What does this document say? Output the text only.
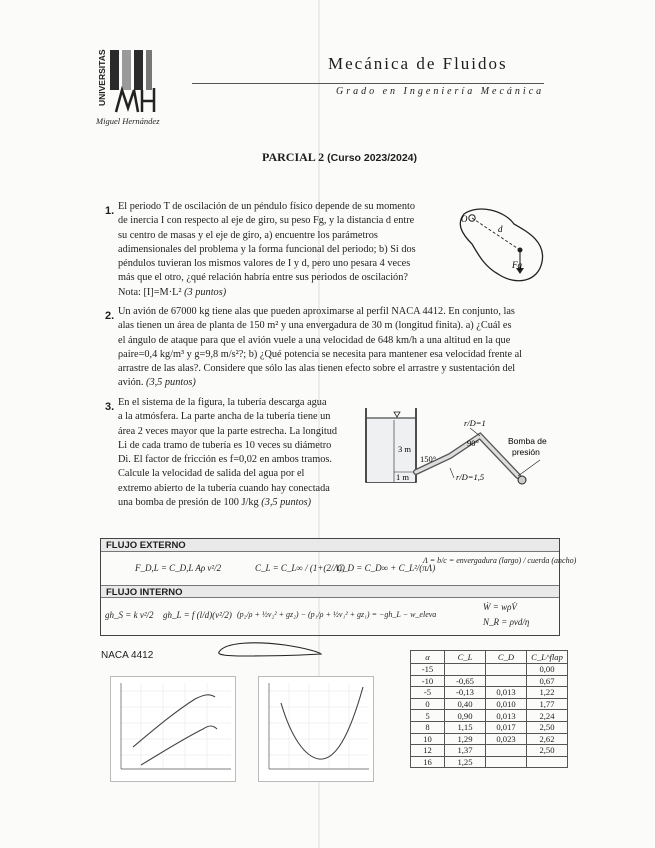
UNIVERSITAS
Miguel Hernández
Mecánica de Fluidos
Grado en Ingeniería Mecánica
PARCIAL 2 (Curso 2023/2024)
1. El periodo T de oscilación de un péndulo físico depende de su momento
de inercia I con respecto al eje de giro, su peso Fg, y la distancia d entre
su centro de masas y el eje de giro, a) encuentre los parámetros
adimensionales del problema y la forma funcional del periodo; b) Si dos
péndulos tuvieran los mismos valores de I y d, pero uno pesara 4 veces
más que el otro, ¿qué relación habría entre sus periodos de oscilación?
Nota: [I]=M·L² (3 puntos)
O
d
Fg
2. Un avión de 67000 kg tiene alas que pueden aproximarse al perfil NACA 4412. En conjunto, las
alas tienen un área de planta de 150 m² y una envergadura de 30 m (longitud finita). a) ¿Cuál es
el ángulo de ataque para que el avión vuele a una velocidad de 648 km/h a una altitud en la que
ρaire=0,4 kg/m³ y g=9,8 m/s²?; b) ¿Qué potencia se necesita para mantener esa velocidad frente al
arrastre de las alas?. Considere que sólo las alas tienen efecto sobre el arrastre y sustentación del
avión. (3,5 puntos)
3. En el sistema de la figura, la tubería descarga agua
a la atmósfera. La parte ancha de la tubería tiene un
área 2 veces mayor que la parte estrecha. La longitud
Li de cada tramo de tubería es 10 veces su diámetro
Di. El factor de fricción es f=0,02 en ambos tramos.
Calcule la velocidad de salida del agua por el
extremo abierto de la tubería cuando hay conectada
una bomba de presión de 100 J/kg (3,5 puntos)
r/D=1
90°	Bomba de
presión
3 m
150°
1 m	r/D=1,5
FLUJO EXTERNO
F_D,L = C_D,L Aρ v²/2	C_L = C_L∞ / (1+(2/Λ))
C_D = C_D∞ + C_L²/(πΛ)
Λ = b/c = envergadura (largo) / cuerda (ancho)
FLUJO INTERNO
gh_S = k v²/2 gh_L = f (l/d)(v²/2) (p₂/ρ + ½v₂² + gz₂) − (p₁/ρ + ½v₁² + gz₁) = −gh_L − w_eleva
Ẇ = wρV̇
N_R = ρvd/η
NACA 4412	α	C_L	C_D	C_L^flap
-15			0,00
-10	-0,65		0,67
-5	-0,13	0,013	1,22
0	0,40	0,010	1,77
5	0,90	0,013	2,24
8	1,15	0,017	2,50
10	1,29	0,023	2,62
12	1,37		2,50
16	1,25		
